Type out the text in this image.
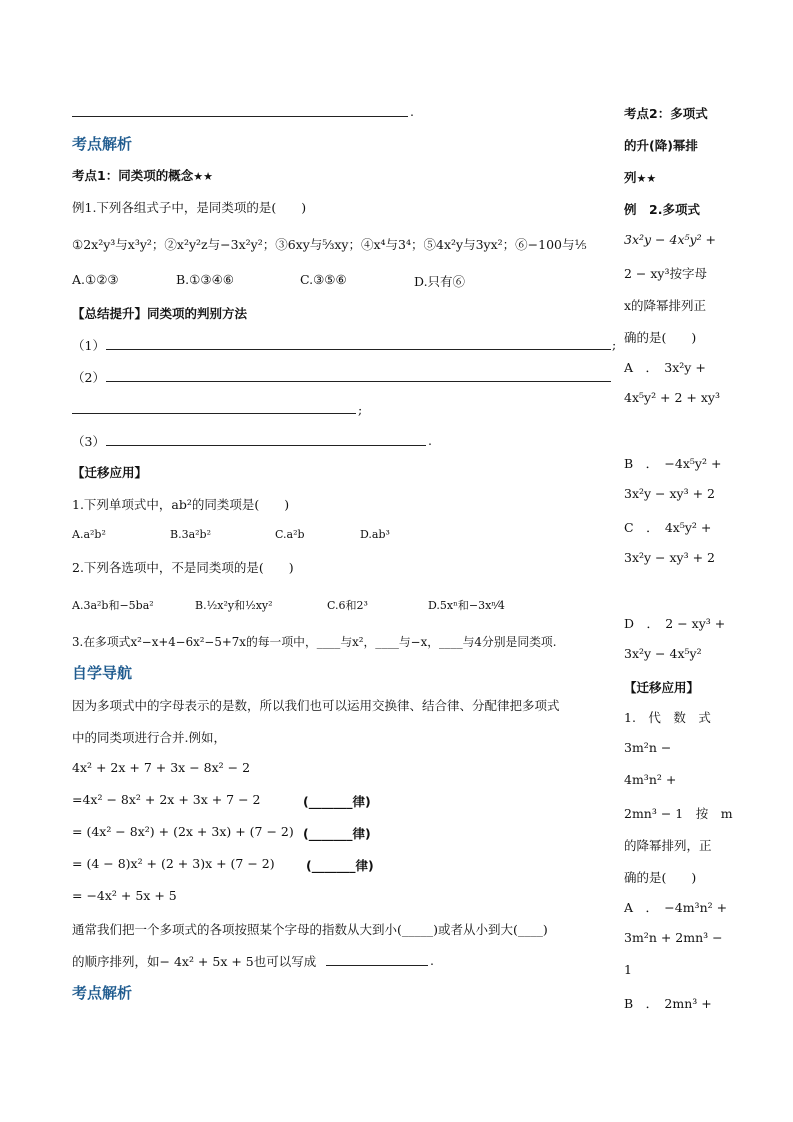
.
考点解析
考点1：同类项的概念★★
例1.下列各组式子中，是同类项的是(　　)
①2x²y³与x³y²；②x²y²z与−3x²y²；③6xy与⁵⁄₃xy；④x⁴与3⁴；⑤4x²y与3yx²；⑥−100与¹⁄₅
A.①②③	B.①③④⑥	C.③⑤⑥	D.只有⑥
【总结提升】同类项的判别方法
（1）	;
（2）
;
（3）	.
【迁移应用】
1.下列单项式中，ab²的同类项是(　　)
A.a²b²	B.3a²b²	C.a²b	D.ab³
2.下列各选项中，不是同类项的是(　　)
A.3a²b和−5ba²	B.½x²y和½xy²	C.6和2³	D.5xⁿ和−3xⁿ⁄4
3.在多项式x²−x+4−6x²−5+7x的每一项中，____与x²，____与−x，____与4分别是同类项.
自学导航
因为多项式中的字母表示的是数，所以我们也可以运用交换律、结合律、分配律把多项式
中的同类项进行合并.例如，
4x² + 2x + 7 + 3x − 8x² − 2
=4x² − 8x² + 2x + 3x + 7 − 2	(_______律)
= (4x² − 8x²) + (2x + 3x) + (7 − 2) (_______律)
= (4 − 8)x² + (2 + 3)x + (7 − 2)	(_______律)
= −4x² + 5x + 5
通常我们把一个多项式的各项按照某个字母的指数从大到小(_____)或者从小到大(____)
的顺序排列，如− 4x² + 5x + 5也可以写成	.
考点解析
考点2：多项式
的升(降)幂排
列★★
例　2.多项式
3x²y − 4x⁵y² +
2 − xy³按字母
x的降幂排列正
确的是(　　)
A　．　3x²y +
4x⁵y² + 2 + xy³
B　．　−4x⁵y² +
3x²y − xy³ + 2
C　．　4x⁵y² +
3x²y − xy³ + 2
D　．　2 − xy³ +
3x²y − 4x⁵y²
【迁移应用】
1.　代　数　式
3m²n −
4m³n² +
2mn³ − 1　按　m
的降幂排列，正
确的是(　　)
A　．　−4m³n² +
3m²n + 2mn³ −
1
B　．　2mn³ +
